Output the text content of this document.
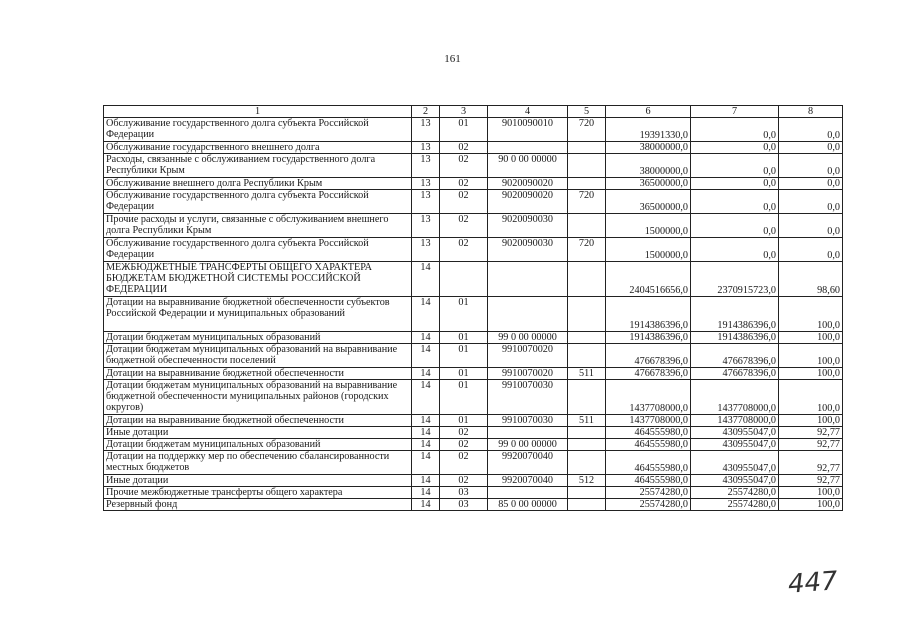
161
1	2	3	4	5	6	7	8
Обслуживание государственного долга субъекта Российской Федерации	13	01	9010090010	720	19391330,0	0,0	0,0
Обслуживание государственного внешнего долга	13	02			38000000,0	0,0	0,0
Расходы, связанные с обслуживанием государственного долга Республики Крым	13	02	90 0 00 00000		38000000,0	0,0	0,0
Обслуживание внешнего долга Республики Крым	13	02	9020090020		36500000,0	0,0	0,0
Обслуживание государственного долга субъекта Российской Федерации	13	02	9020090020	720	36500000,0	0,0	0,0
Прочие расходы и услуги, связанные с обслуживанием внешнего долга Республики Крым	13	02	9020090030		1500000,0	0,0	0,0
Обслуживание государственного долга субъекта Российской Федерации	13	02	9020090030	720	1500000,0	0,0	0,0
МЕЖБЮДЖЕТНЫЕ ТРАНСФЕРТЫ ОБЩЕГО ХАРАКТЕРА БЮДЖЕТАМ БЮДЖЕТНОЙ СИСТЕМЫ РОССИЙСКОЙ ФЕДЕРАЦИИ	14				2404516656,0	2370915723,0	98,60
Дотации на выравнивание бюджетной обеспеченности субъектов Российской Федерации и муниципальных образований	14	01			1914386396,0	1914386396,0	100,0
Дотации бюджетам муниципальных образований	14	01	99 0 00 00000		1914386396,0	1914386396,0	100,0
Дотации бюджетам муниципальных образований на выравнивание бюджетной обеспеченности поселений	14	01	9910070020		476678396,0	476678396,0	100,0
Дотации на выравнивание бюджетной обеспеченности	14	01	9910070020	511	476678396,0	476678396,0	100,0
Дотации бюджетам муниципальных образований на выравнивание бюджетной обеспеченности муниципальных районов (городских округов)	14	01	9910070030		1437708000,0	1437708000,0	100,0
Дотации на выравнивание бюджетной обеспеченности	14	01	9910070030	511	1437708000,0	1437708000,0	100,0
Иные дотации	14	02			464555980,0	430955047,0	92,77
Дотации бюджетам муниципальных образований	14	02	99 0 00 00000		464555980,0	430955047,0	92,77
Дотации на поддержку мер по обеспечению сбалансированности местных бюджетов	14	02	9920070040		464555980,0	430955047,0	92,77
Иные дотации	14	02	9920070040	512	464555980,0	430955047,0	92,77
Прочие межбюджетные трансферты общего характера	14	03			25574280,0	25574280,0	100,0
Резервный фонд	14	03	85 0 00 00000		25574280,0	25574280,0	100,0
447
